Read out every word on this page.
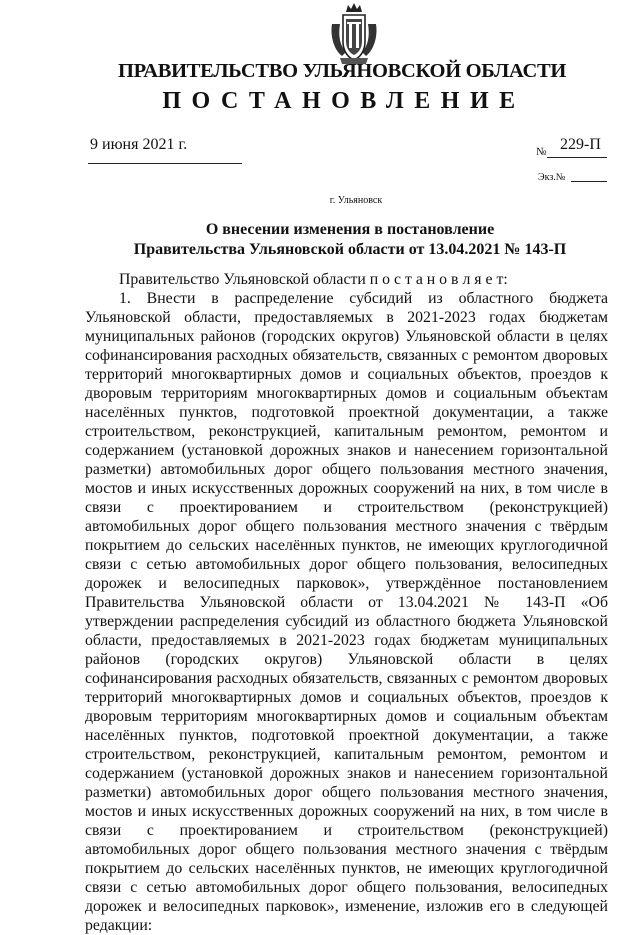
ПРАВИТЕЛЬСТВО УЛЬЯНОВСКОЙ ОБЛАСТИ
ПОСТАНОВЛЕНИЕ
9 июня 2021 г.	№ 229-П
Экз.№
г. Ульяновск
О внесении изменения в постановление
Правительства Ульяновской области от 13.04.2021 № 143-П

Правительство Ульяновской области п о с т а н о в л я е т:

1. Внести в распределение субсидий из областного бюджета Ульяновской области, предоставляемых в 2021-2023 годах бюджетам муниципальных районов (городских округов) Ульяновской области в целях софинансирования расходных обязательств, связанных с ремонтом дворовых территорий многоквартирных домов и социальных объектов, проездов к дворовым территориям многоквартирных домов и социальным объектам населённых пунктов, подготовкой проектной документации, а также строительством, реконструкцией, капитальным ремонтом, ремонтом и содержанием (установкой дорожных знаков и нанесением горизонтальной разметки) автомобильных дорог общего пользования местного значения, мостов и иных искусственных дорожных сооружений на них, в том числе в связи с проектированием и строительством (реконструкцией) автомобильных дорог общего пользования местного значения с твёрдым покрытием до сельских населённых пунктов, не имеющих круглогодичной связи с сетью автомобильных дорог общего пользования, велосипедных дорожек и велосипедных парковок», утверждённое постановлением Правительства Ульяновской области от 13.04.2021 № 143-П «Об утверждении распределения субсидий из областного бюджета Ульяновской области, предоставляемых в 2021-2023 годах бюджетам муниципальных районов (городских округов) Ульяновской области в целях софинансирования расходных обязательств, связанных с ремонтом дворовых территорий многоквартирных домов и социальных объектов, проездов к дворовым территориям многоквартирных домов и социальным объектам населённых пунктов, подготовкой проектной документации, а также строительством, реконструкцией, капитальным ремонтом, ремонтом и содержанием (установкой дорожных знаков и нанесением горизонтальной разметки) автомобильных дорог общего пользования местного значения, мостов и иных искусственных дорожных сооружений на них, в том числе в связи с проектированием и строительством (реконструкцией) автомобильных дорог общего пользования местного значения с твёрдым покрытием до сельских населённых пунктов, не имеющих круглогодичной связи с сетью автомобильных дорог общего пользования, велосипедных дорожек и велосипедных парковок», изменение, изложив его в следующей редакции:
